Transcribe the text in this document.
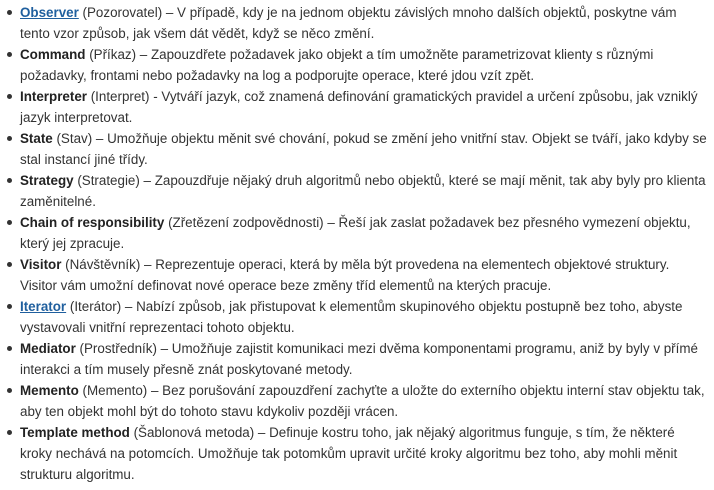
Observer (Pozorovatel) – V případě, kdy je na jednom objektu závislých mnoho dalších objektů, poskytne vám tento vzor způsob, jak všem dát vědět, když se něco změní.
Command (Příkaz) – Zapouzdřete požadavek jako objekt a tím umožněte parametrizovat klienty s různými požadavky, frontami nebo požadavky na log a podporujte operace, které jdou vzít zpět.
Interpreter (Interpret) - Vytváří jazyk, což znamená definování gramatických pravidel a určení způsobu, jak vzniklý jazyk interpretovat.
State (Stav) – Umožňuje objektu měnit své chování, pokud se změní jeho vnitřní stav. Objekt se tváří, jako kdyby se stal instancí jiné třídy.
Strategy (Strategie) – Zapouzdřuje nějaký druh algoritmů nebo objektů, které se mají měnit, tak aby byly pro klienta zaměnitelné.
Chain of responsibility (Zřetězení zodpovědnosti) – Řeší jak zaslat požadavek bez přesného vymezení objektu, který jej zpracuje.
Visitor (Návštěvník) – Reprezentuje operaci, která by měla být provedena na elementech objektové struktury. Visitor vám umožní definovat nové operace beze změny tříd elementů na kterých pracuje.
Iterator (Iterátor) – Nabízí způsob, jak přistupovat k elementům skupinového objektu postupně bez toho, abyste vystavovali vnitřní reprezentaci tohoto objektu.
Mediator (Prostředník) – Umožňuje zajistit komunikaci mezi dvěma komponentami programu, aniž by byly v přímé interakci a tím musely přesně znát poskytované metody.
Memento (Memento) – Bez porušování zapouzdření zachyťte a uložte do externího objektu interní stav objektu tak, aby ten objekt mohl být do tohoto stavu kdykoliv později vrácen.
Template method (Šablonová metoda) – Definuje kostru toho, jak nějaký algoritmus funguje, s tím, že některé kroky nechává na potomcích. Umožňuje tak potomkům upravit určité kroky algoritmu bez toho, aby mohli měnit strukturu algoritmu.
